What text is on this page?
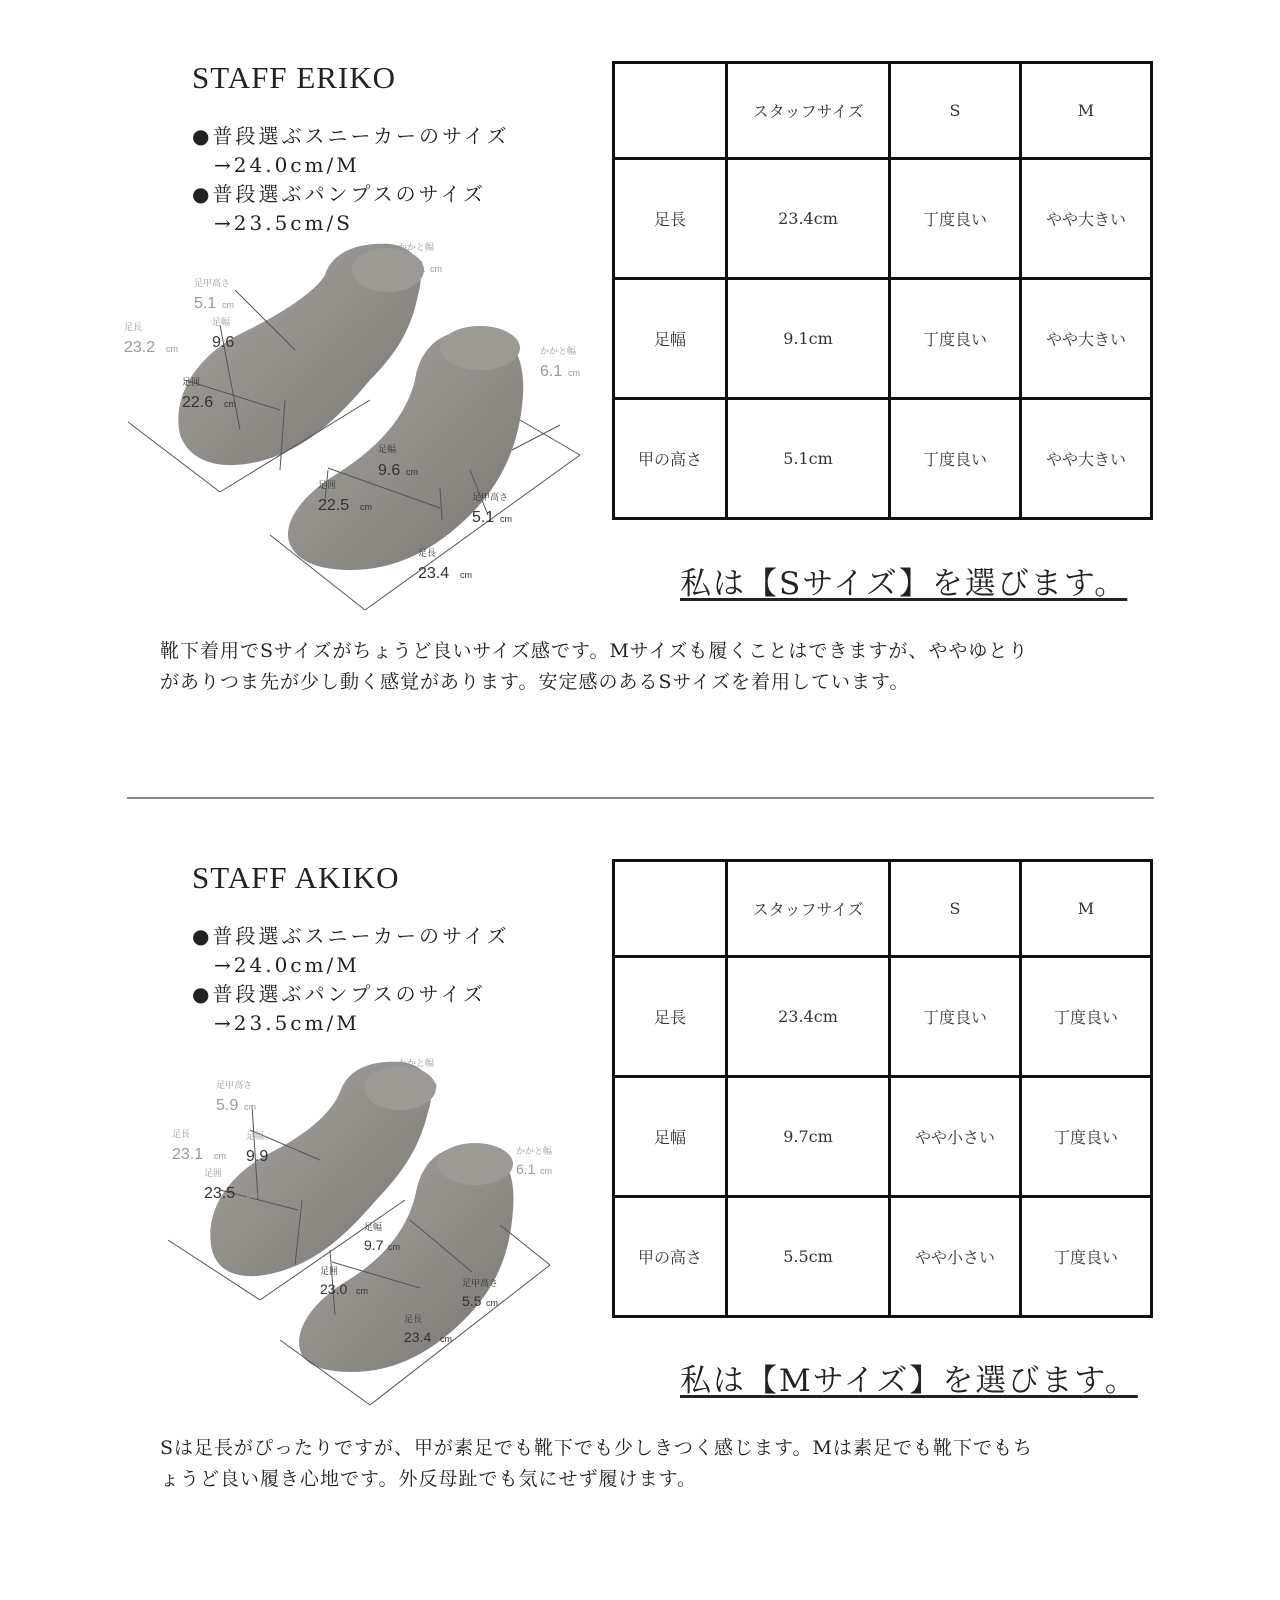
STAFF ERIKO
●普段選ぶスニーカーのサイズ
→24.0cm/M
●普段選ぶパンプスのサイズ
→23.5cm/S
かかと幅
6.1 cm
足甲高さ
5.1 cm
足幅
9.6 cm
足長
23.2 cm
足囲
22.6 cm
かかと幅
6.1 cm
足幅
9.6 cm
足囲
22.5 cm
足甲高さ
5.1 cm
足長
23.4 cm
	スタッフサイズ	S	M
足長	23.4cm	丁度良い	やや大きい
足幅	9.1cm	丁度良い	やや大きい
甲の高さ	5.1cm	丁度良い	やや大きい
私は【Sサイズ】を選びます。
靴下着用でSサイズがちょうど良いサイズ感です。Mサイズも履くことはできますが、ややゆとり
がありつま先が少し動く感覚があります。安定感のあるSサイズを着用しています。
STAFF AKIKO
●普段選ぶスニーカーのサイズ
→24.0cm/M
●普段選ぶパンプスのサイズ
→23.5cm/M
かかと幅
5.9 cm
足甲高さ
5.9 cm
足幅
9.9 cm
足長
23.1 cm
足囲
23.5 cm
かかと幅
6.1 cm
足幅
9.7 cm
足囲
23.0 cm
足甲高さ
5.5 cm
足長
23.4 cm
	スタッフサイズ	S	M
足長	23.4cm	丁度良い	丁度良い
足幅	9.7cm	やや小さい	丁度良い
甲の高さ	5.5cm	やや小さい	丁度良い
私は【Mサイズ】を選びます。
Sは足長がぴったりですが、甲が素足でも靴下でも少しきつく感じます。Mは素足でも靴下でもち
ょうど良い履き心地です。外反母趾でも気にせず履けます。
